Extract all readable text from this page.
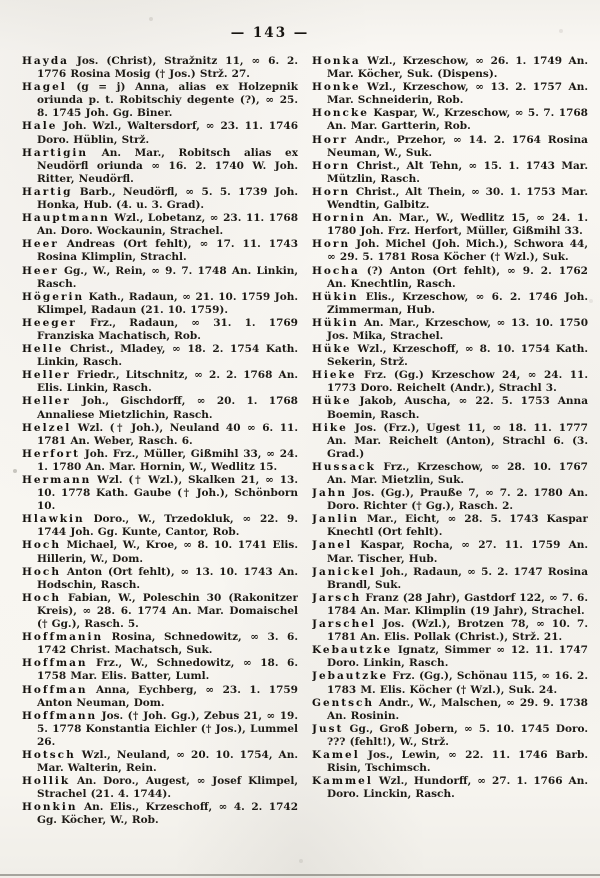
— 143 —

Hayda Jos. (Christ), Stražnitz 11, ∞ 6. 2. 1776 Rosina Mosig († Jos.) Strž. 27.

Hagel (g = j) Anna, alias ex Holzepnik oriunda p. t. Robitschiy degente (?), ∞ 25. 8. 1745 Joh. Gg. Biner.

Hale Joh. Wzl., Waltersdorf, ∞ 23. 11. 1746 Doro. Hüblin, Strž.

Hartigin An. Mar., Robitsch alias ex Neudörfl oriunda ∞ 16. 2. 1740 W. Joh. Ritter, Neudörfl.

Hartig Barb., Neudörfl, ∞ 5. 5. 1739 Joh. Honka, Hub. (4. u. 3. Grad).

Hauptmann Wzl., Lobetanz, ∞ 23. 11. 1768 An. Doro. Wockaunin, Strachel.

Heer Andreas (Ort fehlt), ∞ 17. 11. 1743 Rosina Klimplin, Strachl.

Heer Gg., W., Rein, ∞ 9. 7. 1748 An. Linkin, Rasch.

Högerin Kath., Radaun, ∞ 21. 10. 1759 Joh. Klimpel, Radaun (21. 10. 1759).

Heeger Frz., Radaun, ∞ 31. 1. 1769 Franziska Machatisch, Rob.

Helle Christ., Mladey, ∞ 18. 2. 1754 Kath. Linkin, Rasch.

Heller Friedr., Litschnitz, ∞ 2. 2. 1768 An. Elis. Linkin, Rasch.

Heller Joh., Gischdorff, ∞ 20. 1. 1768 Annaliese Mietzlichin, Rasch.

Helzel Wzl. († Joh.), Neuland 40 ∞ 6. 11. 1781 An. Weber, Rasch. 6.

Herfort Joh. Frz., Müller, Gißmihl 33, ∞ 24. 1. 1780 An. Mar. Hornin, W., Wedlitz 15.

Hermann Wzl. († Wzl.), Skalken 21, ∞ 13. 10. 1778 Kath. Gaube († Joh.), Schönborn 10.

Hlawkin Doro., W., Trzedokluk, ∞ 22. 9. 1744 Joh. Gg. Kunte, Cantor, Rob.

Hoch Michael, W., Kroe, ∞ 8. 10. 1741 Elis. Hillerin, W., Dom.

Hoch Anton (Ort fehlt), ∞ 13. 10. 1743 An. Hodschin, Rasch.

Hoch Fabian, W., Poleschin 30 (Rakonitzer Kreis), ∞ 28. 6. 1774 An. Mar. Domaischel († Gg.), Rasch. 5.

Hoffmanin Rosina, Schnedowitz, ∞ 3. 6. 1742 Christ. Machatsch, Suk.

Hoffman Frz., W., Schnedowitz, ∞ 18. 6. 1758 Mar. Elis. Batter, Luml.

Hoffman Anna, Eychberg, ∞ 23. 1. 1759 Anton Neuman, Dom.

Hoffmann Jos. († Joh. Gg.), Zebus 21, ∞ 19. 5. 1778 Konstantia Eichler († Jos.), Lummel 26.

Hotsch Wzl., Neuland, ∞ 20. 10. 1754, An. Mar. Walterin, Rein.

Hollik An. Doro., Augest, ∞ Josef Klimpel, Strachel (21. 4. 1744).

Honkin An. Elis., Krzeschoff, ∞ 4. 2. 1742 Gg. Köcher, W., Rob.

Honka Wzl., Krzeschow, ∞ 26. 1. 1749 An. Mar. Köcher, Suk. (Dispens).

Honke Wzl., Krzeschow, ∞ 13. 2. 1757 An. Mar. Schneiderin, Rob.

Honcke Kaspar, W., Krzeschow, ∞ 5. 7. 1768 An. Mar. Gartterin, Rob.

Horr Andr., Przehor, ∞ 14. 2. 1764 Rosina Neuman, W., Suk.

Horn Christ., Alt Tehn, ∞ 15. 1. 1743 Mar. Mützlin, Rasch.

Horn Christ., Alt Thein, ∞ 30. 1. 1753 Mar. Wendtin, Galbitz.

Hornin An. Mar., W., Wedlitz 15, ∞ 24. 1. 1780 Joh. Frz. Herfort, Müller, Gißmihl 33.

Horn Joh. Michel (Joh. Mich.), Schwora 44, ∞ 29. 5. 1781 Rosa Köcher († Wzl.), Suk.

Hocha (?) Anton (Ort fehlt), ∞ 9. 2. 1762 An. Knechtlin, Rasch.

Hükin Elis., Krzeschow, ∞ 6. 2. 1746 Joh. Zimmerman, Hub.

Hükin An. Mar., Krzeschow, ∞ 13. 10. 1750 Jos. Mika, Strachel.

Hüke Wzl., Krzeschoff, ∞ 8. 10. 1754 Kath. Sekerin, Strž.

Hieke Frz. (Gg.) Krzeschow 24, ∞ 24. 11. 1773 Doro. Reichelt (Andr.), Strachl 3.

Hüke Jakob, Auscha, ∞ 22. 5. 1753 Anna Boemin, Rasch.

Hike Jos. (Frz.), Ugest 11, ∞ 18. 11. 1777 An. Mar. Reichelt (Anton), Strachl 6. (3. Grad.)

Hussack Frz., Krzeschow, ∞ 28. 10. 1767 An. Mar. Mietzlin, Suk.

Jahn Jos. (Gg.), Prauße 7, ∞ 7. 2. 1780 An. Doro. Richter († Gg.), Rasch. 2.

Janlin Mar., Eicht, ∞ 28. 5. 1743 Kaspar Knechtl (Ort fehlt).

Janel Kaspar, Rocha, ∞ 27. 11. 1759 An. Mar. Tischer, Hub.

Janickel Joh., Radaun, ∞ 5. 2. 1747 Rosina Brandl, Suk.

Jarsch Franz (28 Jahr), Gastdorf 122, ∞ 7. 6. 1784 An. Mar. Klimplin (19 Jahr), Strachel.

Jarschel Jos. (Wzl.), Brotzen 78, ∞ 10. 7. 1781 An. Elis. Pollak (Christ.), Strž. 21.

Kebautzke Ignatz, Simmer ∞ 12. 11. 1747 Doro. Linkin, Rasch.

Jebautzke Frz. (Gg.), Schönau 115, ∞ 16. 2. 1783 M. Elis. Köcher († Wzl.), Suk. 24.

Gentsch Andr., W., Malschen, ∞ 29. 9. 1738 An. Rosinin.

Just Gg., Groß Jobern, ∞ 5. 10. 1745 Doro. ??? (fehlt!), W., Strž.

Kamel Jos., Lewin, ∞ 22. 11. 1746 Barb. Risin, Tschimsch.

Kammel Wzl., Hundorff, ∞ 27. 1. 1766 An. Doro. Linckin, Rasch.
